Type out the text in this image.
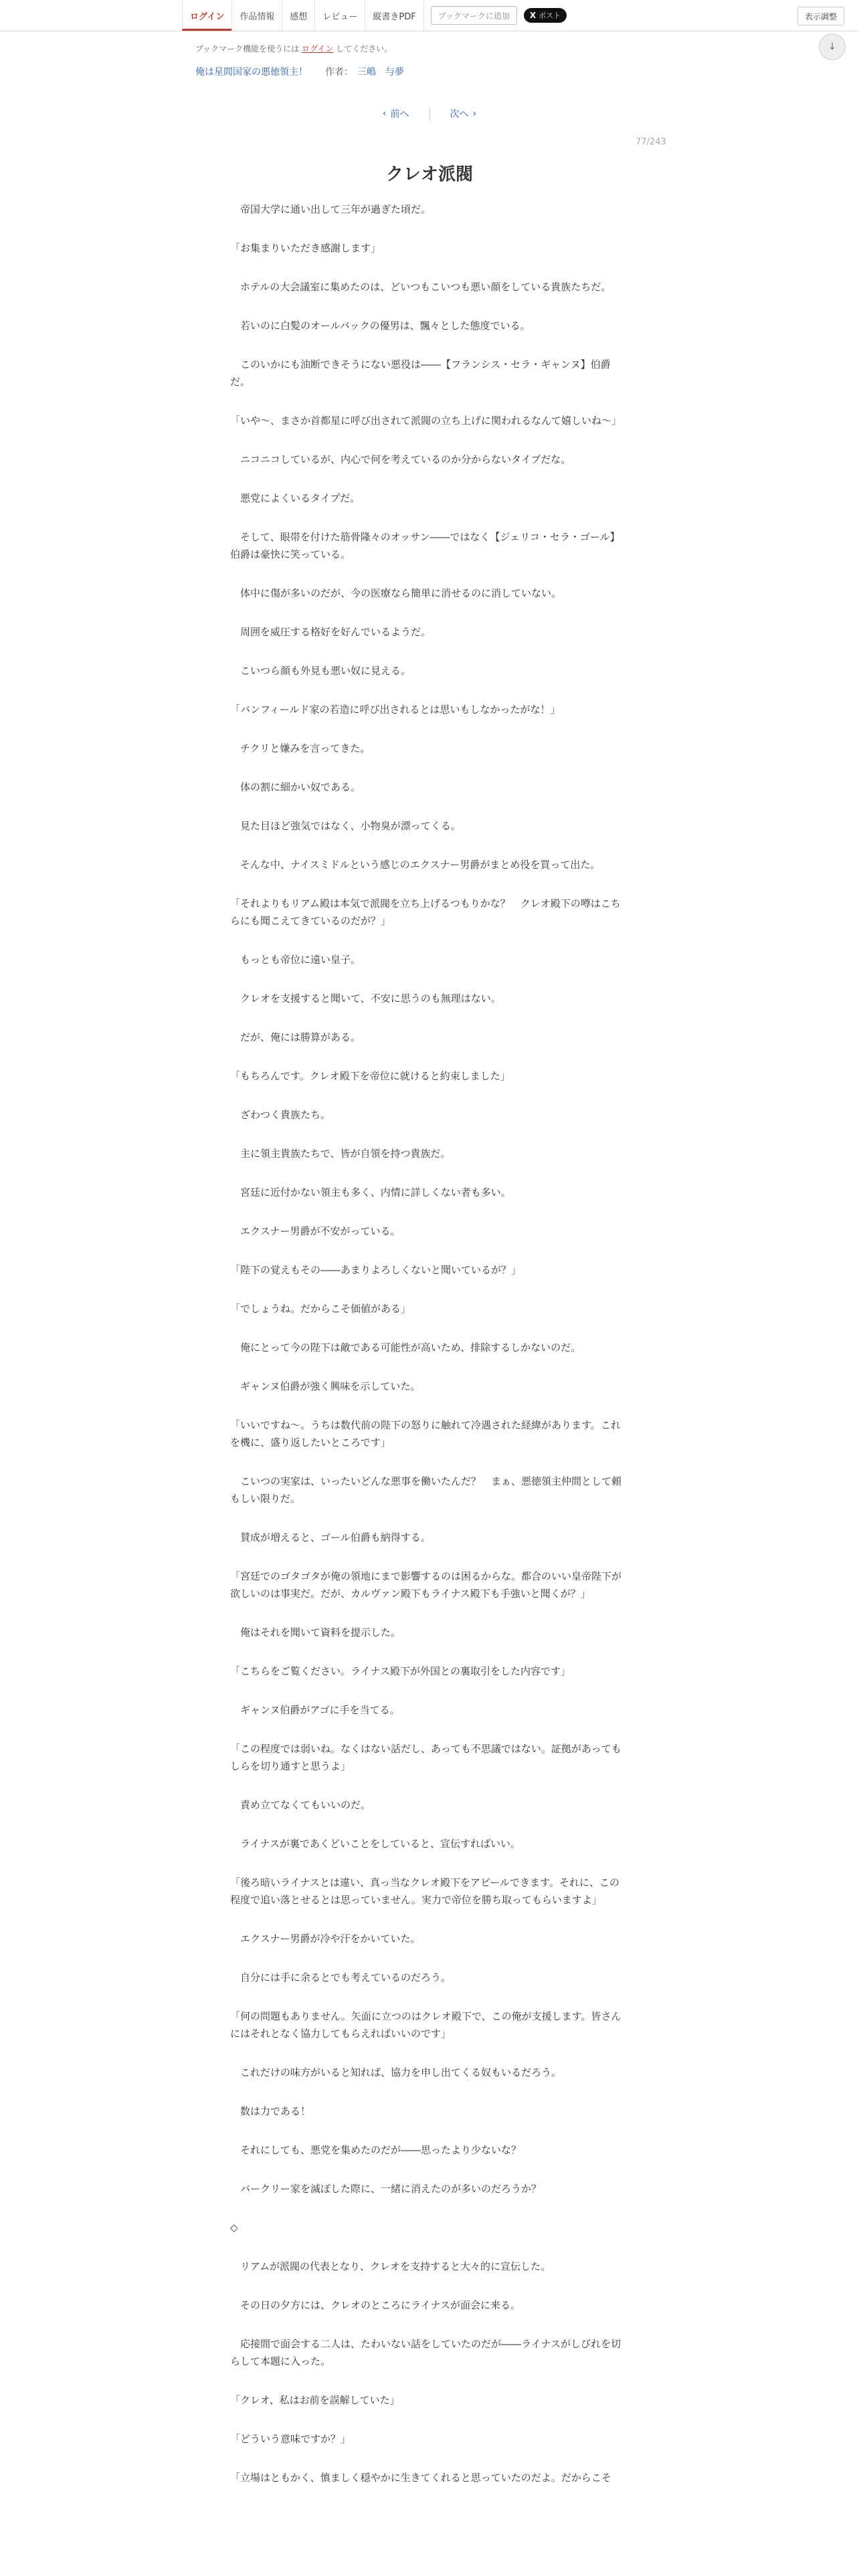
ログイン	作品情報	感想	レビュー	縦書きPDF	ブックマークに追加	X ポスト	表示調整
↓
ブックマーク機能を使うには ログイン してください。
俺は星間国家の悪徳領主！ 作者： 三嶋　与夢
‹ 前へ	次へ ›
77/243
クレオ派閥

　帝国大学に通い出して三年が過ぎた頃だ。

「お集まりいただき感謝します」

　ホテルの大会議室に集めたのは、どいつもこいつも悪い顔をしている貴族たちだ。

　若いのに白髪のオールバックの優男は、飄々とした態度でいる。

　このいかにも油断できそうにない悪役は――【フランシス・セラ・ギャンヌ】伯爵だ。

「いや～、まさか首都星に呼び出されて派閥の立ち上げに関われるなんて嬉しいね～」

　ニコニコしているが、内心で何を考えているのか分からないタイプだな。

　悪党によくいるタイプだ。

　そして、眼帯を付けた筋骨隆々のオッサン――ではなく【ジェリコ・セラ・ゴール】伯爵は豪快に笑っている。

　体中に傷が多いのだが、今の医療なら簡単に消せるのに消していない。

　周囲を威圧する格好を好んでいるようだ。

　こいつら顔も外見も悪い奴に見える。

「バンフィールド家の若造に呼び出されるとは思いもしなかったがな！」

　チクリと嫌みを言ってきた。

　体の割に細かい奴である。

　見た目ほど強気ではなく、小物臭が漂ってくる。

　そんな中、ナイスミドルという感じのエクスナー男爵がまとめ役を買って出た。

「それよりもリアム殿は本気で派閥を立ち上げるつもりかな？　クレオ殿下の噂はこちらにも聞こえてきているのだが？」

　もっとも帝位に遠い皇子。

　クレオを支援すると聞いて、不安に思うのも無理はない。

　だが、俺には勝算がある。

「もちろんです。クレオ殿下を帝位に就けると約束しました」

　ざわつく貴族たち。

　主に領主貴族たちで、皆が自領を持つ貴族だ。

　宮廷に近付かない領主も多く、内情に詳しくない者も多い。

　エクスナー男爵が不安がっている。

「陛下の覚えもその――あまりよろしくないと聞いているが？」

「でしょうね。だからこそ価値がある」

　俺にとって今の陛下は敵である可能性が高いため、排除するしかないのだ。

　ギャンヌ伯爵が強く興味を示していた。

「いいですね～。うちは数代前の陛下の怒りに触れて冷遇された経緯があります。これを機に、盛り返したいところです」

　こいつの実家は、いったいどんな悪事を働いたんだ？　まぁ、悪徳領主仲間として頼もしい限りだ。

　賛成が増えると、ゴール伯爵も納得する。

「宮廷でのゴタゴタが俺の領地にまで影響するのは困るからな。都合のいい皇帝陛下が欲しいのは事実だ。だが、カルヴァン殿下もライナス殿下も手強いと聞くが？」

　俺はそれを聞いて資料を提示した。

「こちらをご覧ください。ライナス殿下が外国との裏取引をした内容です」

　ギャンヌ伯爵がアゴに手を当てる。

「この程度では弱いね。なくはない話だし、あっても不思議ではない。証拠があってもしらを切り通すと思うよ」

　責め立てなくてもいいのだ。

　ライナスが裏であくどいことをしていると、宣伝すればいい。

「後ろ暗いライナスとは違い、真っ当なクレオ殿下をアピールできます。それに、この程度で追い落とせるとは思っていません。実力で帝位を勝ち取ってもらいますよ」

　エクスナー男爵が冷や汗をかいていた。

　自分には手に余るとでも考えているのだろう。

「何の問題もありません。矢面に立つのはクレオ殿下で、この俺が支援します。皆さんにはそれとなく協力してもらえればいいのです」

　これだけの味方がいると知れば、協力を申し出てくる奴もいるだろう。

　数は力である！

　それにしても、悪党を集めたのだが――思ったより少ないな？

　バークリー家を滅ぼした際に、一緒に消えたのが多いのだろうか？

◇

　リアムが派閥の代表となり、クレオを支持すると大々的に宣伝した。

　その日の夕方には、クレオのところにライナスが面会に来る。

　応接間で面会する二人は、たわいない話をしていたのだが――ライナスがしびれを切らして本題に入った。

「クレオ、私はお前を誤解していた」

「どういう意味ですか？」

「立場はともかく、慎ましく穏やかに生きてくれると思っていたのだよ。だからこそ
